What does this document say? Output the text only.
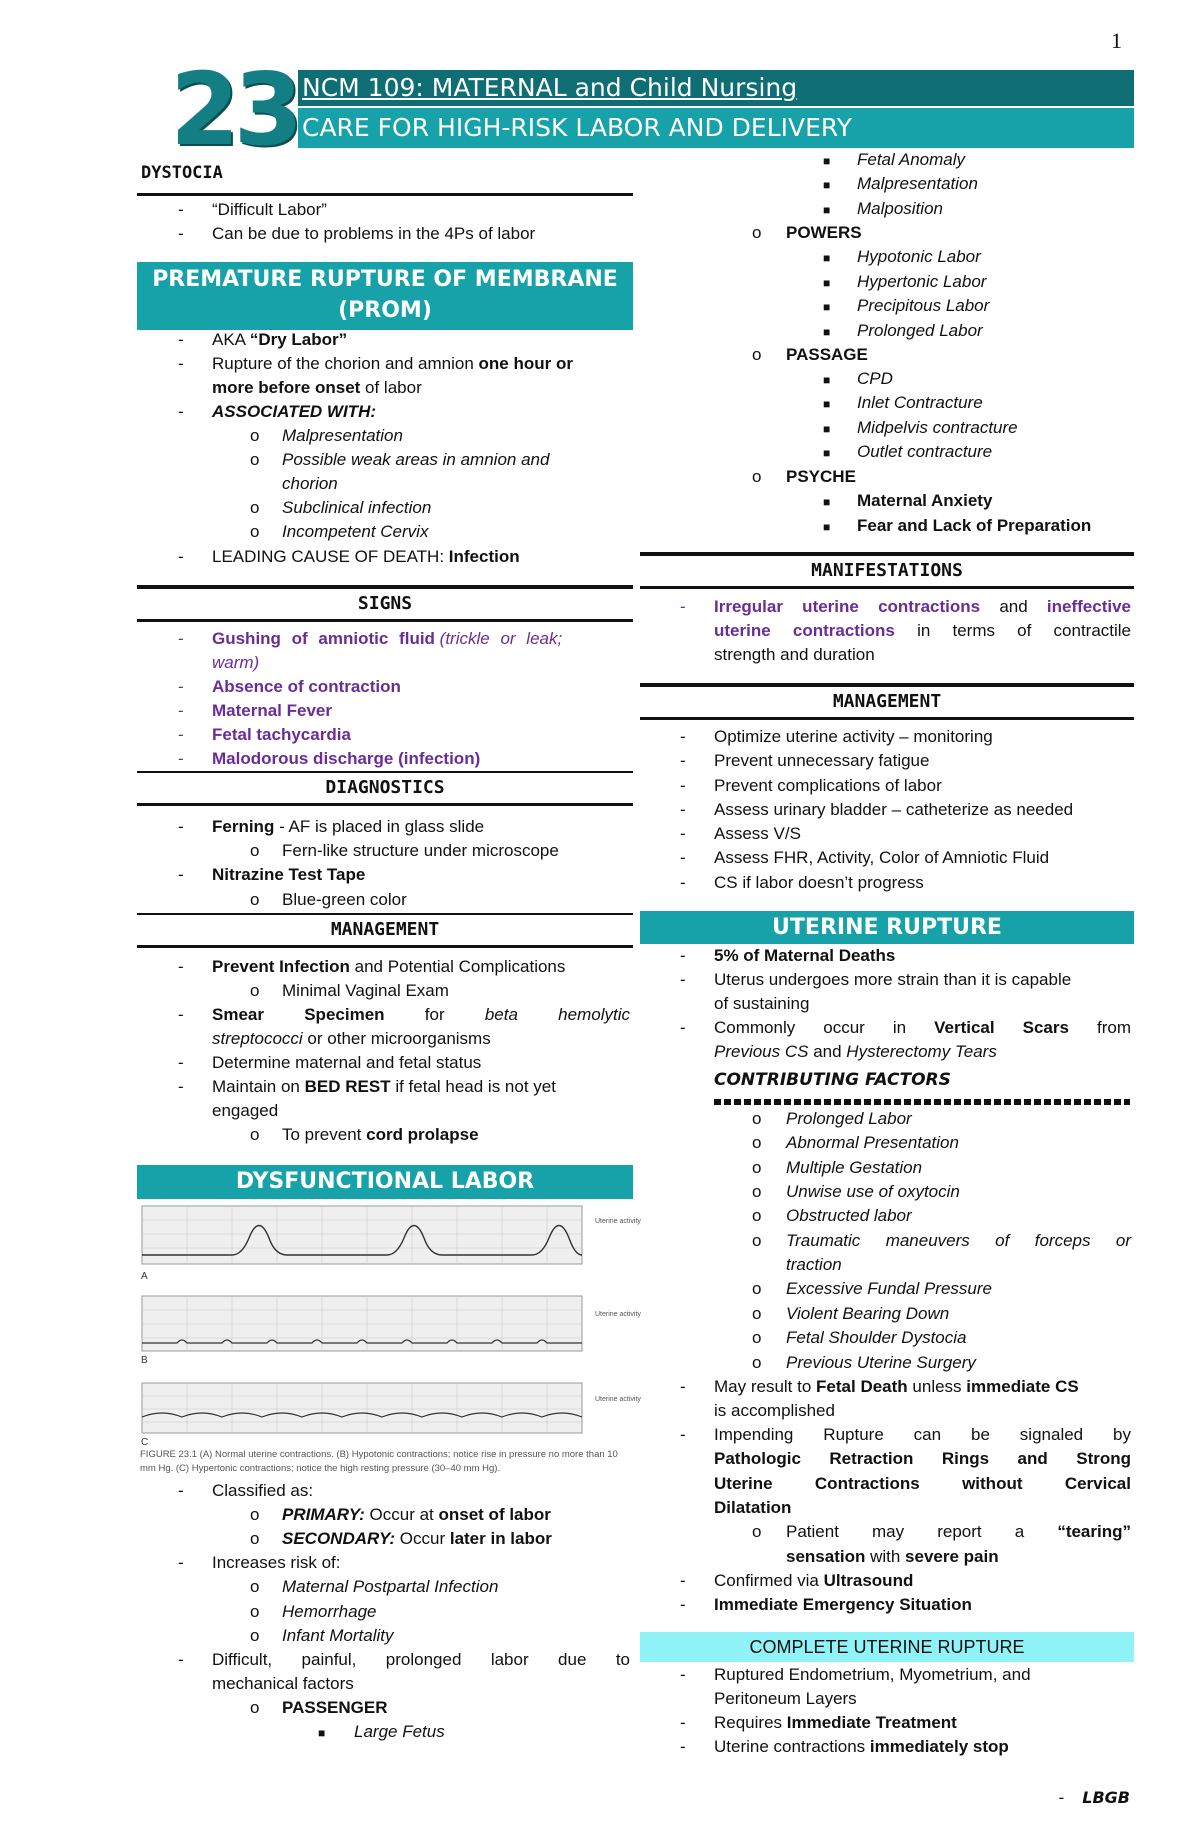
1
23 NCM 109: MATERNAL and Child Nursing
CARE FOR HIGH-RISK LABOR AND DELIVERY
DYSTOCIA
- “Difficult Labor”
- Can be due to problems in the 4Ps of labor
PREMATURE RUPTURE OF MEMBRANE
(PROM)
- AKA “Dry Labor”
- Rupture of the chorion and amnion one hour or
more before onset of labor
- ASSOCIATED WITH:
o Malpresentation
o Possible weak areas in amnion and
chorion
o Subclinical infection
o Incompetent Cervix
- LEADING CAUSE OF DEATH: Infection
SIGNS
- Gushing of amniotic fluid (trickle or leak;
warm)
- Absence of contraction
- Maternal Fever
- Fetal tachycardia
- Malodorous discharge (infection)
DIAGNOSTICS
- Ferning - AF is placed in glass slide
o Fern-like structure under microscope
- Nitrazine Test Tape
o Blue-green color
MANAGEMENT
- Prevent Infection and Potential Complications
o Minimal Vaginal Exam
- Smear Specimen for beta hemolytic
streptococci or other microorganisms
- Determine maternal and fetal status
- Maintain on BED REST if fetal head is not yet
engaged
o To prevent cord prolapse
DYSFUNCTIONAL LABOR
A
Uterine activity
B
Uterine activity
C
Uterine activity
FIGURE 23.1 (A) Normal uterine contractions. (B) Hypotonic contractions; notice rise in pressure no more than 10
mm Hg. (C) Hypertonic contractions; notice the high resting pressure (30–40 mm Hg).
- Classified as:
o PRIMARY: Occur at onset of labor
o SECONDARY: Occur later in labor
- Increases risk of:
o Maternal Postpartal Infection
o Hemorrhage
o Infant Mortality
- Difficult, painful, prolonged labor due to
mechanical factors
o PASSENGER
■ Large Fetus
■ Fetal Anomaly
■ Malpresentation
■ Malposition
o POWERS
■ Hypotonic Labor
■ Hypertonic Labor
■ Precipitous Labor
■ Prolonged Labor
o PASSAGE
■ CPD
■ Inlet Contracture
■ Midpelvis contracture
■ Outlet contracture
o PSYCHE
■ Maternal Anxiety
■ Fear and Lack of Preparation
MANIFESTATIONS
- Irregular uterine contractions and ineffective
uterine contractions in terms of contractile
strength and duration
MANAGEMENT
- Optimize uterine activity – monitoring
- Prevent unnecessary fatigue
- Prevent complications of labor
- Assess urinary bladder – catheterize as needed
- Assess V/S
- Assess FHR, Activity, Color of Amniotic Fluid
- CS if labor doesn’t progress
UTERINE RUPTURE
- 5% of Maternal Deaths
- Uterus undergoes more strain than it is capable
of sustaining
- Commonly occur in Vertical Scars from
Previous CS and Hysterectomy Tears
CONTRIBUTING FACTORS
o Prolonged Labor
o Abnormal Presentation
o Multiple Gestation
o Unwise use of oxytocin
o Obstructed labor
o Traumatic maneuvers of forceps or
traction
o Excessive Fundal Pressure
o Violent Bearing Down
o Fetal Shoulder Dystocia
o Previous Uterine Surgery
- May result to Fetal Death unless immediate CS
is accomplished
- Impending Rupture can be signaled by
Pathologic Retraction Rings and Strong
Uterine Contractions without Cervical
Dilatation
o Patient may report a “tearing”
sensation with severe pain
- Confirmed via Ultrasound
- Immediate Emergency Situation
COMPLETE UTERINE RUPTURE
- Ruptured Endometrium, Myometrium, and
Peritoneum Layers
- Requires Immediate Treatment
- Uterine contractions immediately stop
- LBGB
